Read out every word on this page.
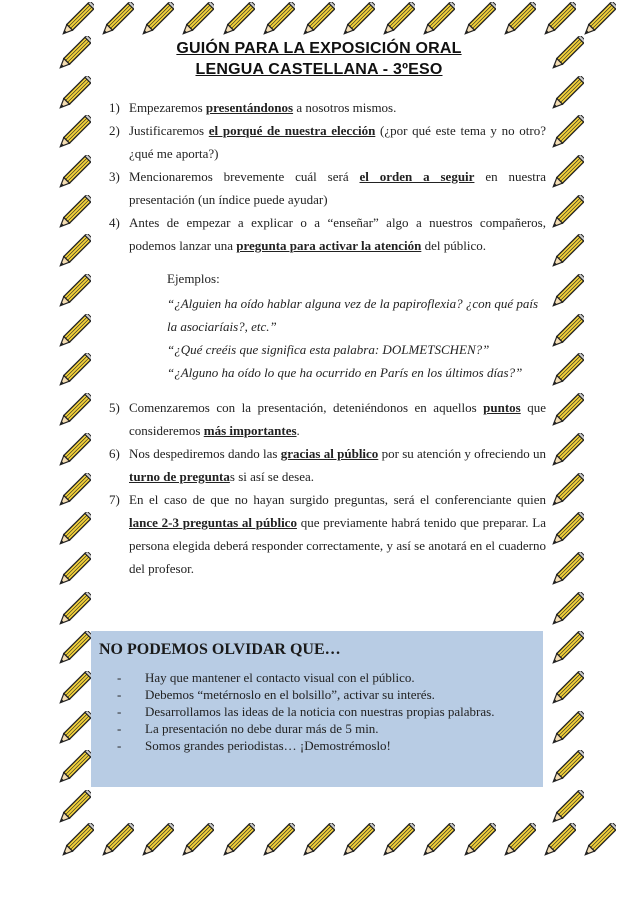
GUIÓN PARA LA EXPOSICIÓN ORAL
LENGUA CASTELLANA - 3ºESO
1) Empezaremos presentándonos a nosotros mismos.
2) Justificaremos el porqué de nuestra elección (¿por qué este tema y no otro? ¿qué me aporta?)
3) Mencionaremos brevemente cuál será el orden a seguir en nuestra presentación (un índice puede ayudar)
4) Antes de empezar a explicar o a “enseñar” algo a nuestros compañeros, podemos lanzar una pregunta para activar la atención del público.
Ejemplos:
“¿Alguien ha oído hablar alguna vez de la papiroflexia? ¿con qué país la asociaríais?, etc.”
“¿Qué creéis que significa esta palabra: DOLMETSCHEN?”
“¿Alguno ha oído lo que ha ocurrido en París en los últimos días?”
5) Comenzaremos con la presentación, deteniéndonos en aquellos puntos que consideremos más importantes.
6) Nos despediremos dando las gracias al público por su atención y ofreciendo un turno de preguntas si así se desea.
7) En el caso de que no hayan surgido preguntas, será el conferenciante quien lance 2-3 preguntas al público que previamente habrá tenido que preparar. La persona elegida deberá responder correctamente, y así se anotará en el cuaderno del profesor.
NO PODEMOS OLVIDAR QUE…
- Hay que mantener el contacto visual con el público.
- Debemos “metérnoslo en el bolsillo”, activar su interés.
- Desarrollamos las ideas de la noticia con nuestras propias palabras.
- La presentación no debe durar más de 5 min.
- Somos grandes periodistas… ¡Demostrémoslo!
